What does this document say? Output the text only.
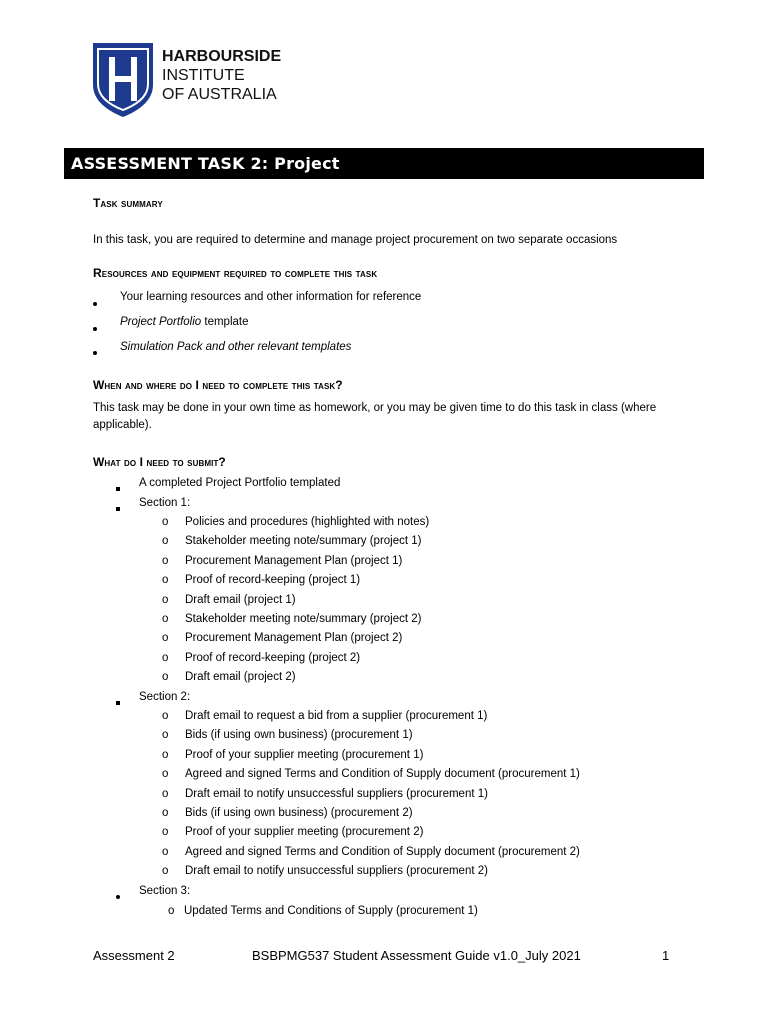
HARBOURSIDE
INSTITUTE
OF AUSTRALIA
ASSESSMENT TASK 2: Project
Task summary
In this task, you are required to determine and manage project procurement on two separate occasions
Resources and equipment required to complete this task
Your learning resources and other information for reference
Project Portfolio template
Simulation Pack and other relevant templates
When and where do I need to complete this task?
This task may be done in your own time as homework, or you may be given time to do this task in class (where applicable).
What do I need to submit?
A completed Project Portfolio templated
Section 1:
o Policies and procedures (highlighted with notes)
o Stakeholder meeting note/summary (project 1)
o Procurement Management Plan (project 1)
o Proof of record-keeping (project 1)
o Draft email (project 1)
o Stakeholder meeting note/summary (project 2)
o Procurement Management Plan (project 2)
o Proof of record-keeping (project 2)
o Draft email (project 2)
Section 2:
o Draft email to request a bid from a supplier (procurement 1)
o Bids (if using own business) (procurement 1)
o Proof of your supplier meeting (procurement 1)
o Agreed and signed Terms and Condition of Supply document (procurement 1)
o Draft email to notify unsuccessful suppliers (procurement 1)
o Bids (if using own business) (procurement 2)
o Proof of your supplier meeting (procurement 2)
o Agreed and signed Terms and Condition of Supply document (procurement 2)
o Draft email to notify unsuccessful suppliers (procurement 2)
Section 3:
o Updated Terms and Conditions of Supply (procurement 1)
Assessment 2	BSBPMG537 Student Assessment Guide v1.0_July 2021	1
